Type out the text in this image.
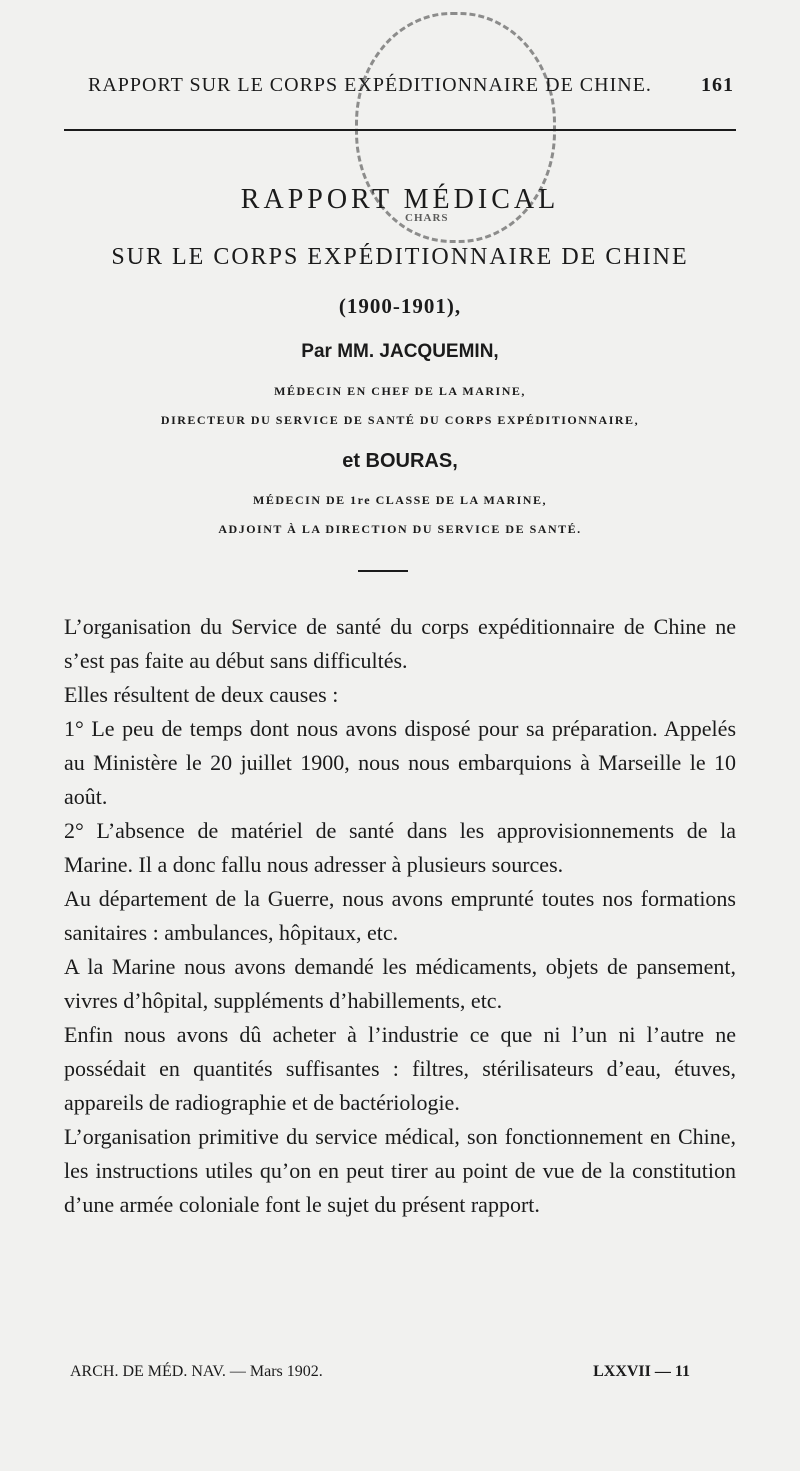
CHARS
RAPPORT SUR LE CORPS EXPÉDITIONNAIRE DE CHINE. 161
RAPPORT MÉDICAL
SUR LE CORPS EXPÉDITIONNAIRE DE CHINE
(1900-1901),
Par MM. JACQUEMIN,
MÉDECIN EN CHEF DE LA MARINE,
DIRECTEUR DU SERVICE DE SANTÉ DU CORPS EXPÉDITIONNAIRE,
et BOURAS,
MÉDECIN DE 1re CLASSE DE LA MARINE,
ADJOINT À LA DIRECTION DU SERVICE DE SANTÉ.

L’organisation du Service de santé du corps expéditionnaire de Chine ne s’est pas faite au début sans difficultés.

Elles résultent de deux causes :

1° Le peu de temps dont nous avons disposé pour sa préparation. Appelés au Ministère le 20 juillet 1900, nous nous embarquions à Marseille le 10 août.

2° L’absence de matériel de santé dans les approvisionnements de la Marine. Il a donc fallu nous adresser à plusieurs sources.

Au département de la Guerre, nous avons emprunté toutes nos formations sanitaires : ambulances, hôpitaux, etc.

A la Marine nous avons demandé les médicaments, objets de pansement, vivres d’hôpital, suppléments d’habillements, etc.

Enfin nous avons dû acheter à l’industrie ce que ni l’un ni l’autre ne possédait en quantités suffisantes : filtres, stérilisateurs d’eau, étuves, appareils de radiographie et de bactériologie.

L’organisation primitive du service médical, son fonctionnement en Chine, les instructions utiles qu’on en peut tirer au point de vue de la constitution d’une armée coloniale font le sujet du présent rapport.

ARCH. DE MÉD. NAV. — Mars 1902.	LXXVII — 11
